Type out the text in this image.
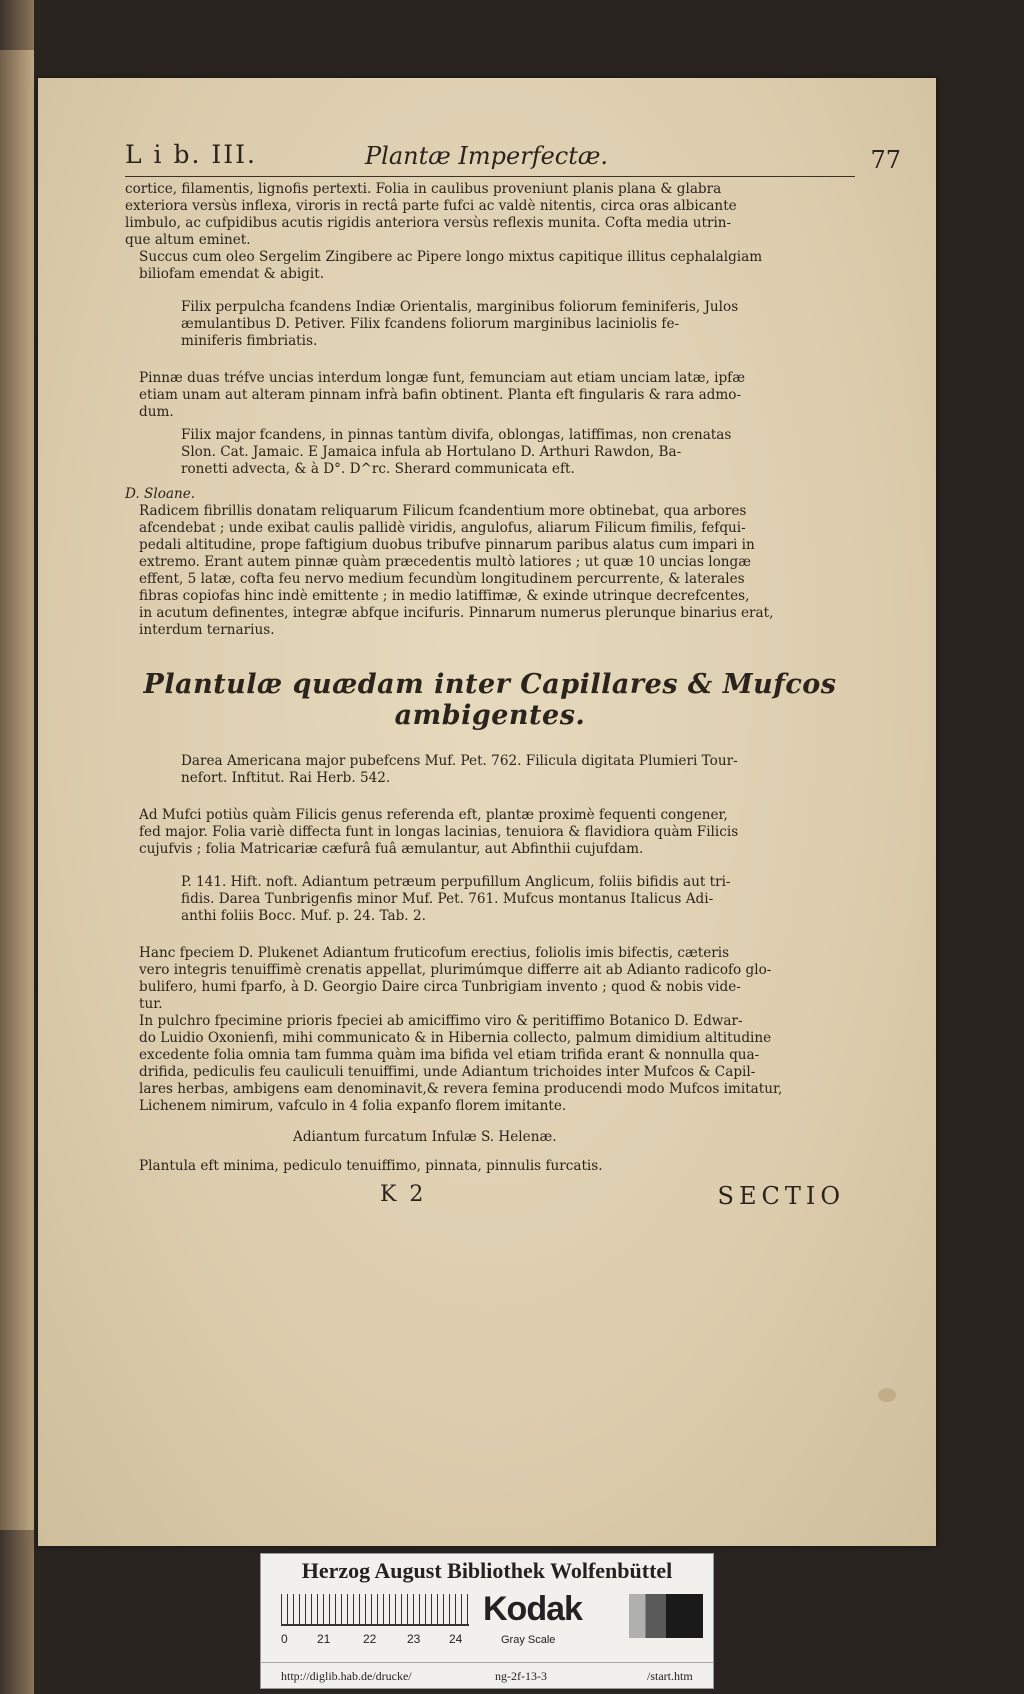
L i b. III.	Plantæ Imperfectæ.	77

cortice, filamentis, lignofis pertexti. Folia in caulibus proveniunt planis plana & glabra
exteriora versùs inflexa, viroris in rectâ parte fufci ac valdè nitentis, circa oras albicante
limbulo, ac cufpidibus acutis rigidis anteriora versùs reflexis munita. Cofta media utrin-
que altum eminet.

Succus cum oleo Sergelim Zingibere ac Pipere longo mixtus capitique illitus cephalalgiam
biliofam emendat & abigit.

Filix perpulcha fcandens Indiæ Orientalis, marginibus foliorum feminiferis, Julos
æmulantibus D. Petiver. Filix fcandens foliorum marginibus laciniolis fe-
miniferis fimbriatis.

Pinnæ duas tréfve uncias interdum longæ funt, femunciam aut etiam unciam latæ, ipfæ
etiam unam aut alteram pinnam infrà bafin obtinent. Planta eft fingularis & rara admo-
dum.

Filix major fcandens, in pinnas tantùm divifa, oblongas, latiffimas, non crenatas
Slon. Cat. Jamaic. E Jamaica infula ab Hortulano D. Arthuri Rawdon, Ba-
ronetti advecta, & à D°. D^rc. Sherard communicata eft.

D. Sloane.

Radicem fibrillis donatam reliquarum Filicum fcandentium more obtinebat, qua arbores
afcendebat ; unde exibat caulis pallidè viridis, angulofus, aliarum Filicum fimilis, fefqui-
pedali altitudine, prope faftigium duobus tribufve pinnarum paribus alatus cum impari in
extremo. Erant autem pinnæ quàm præcedentis multò latiores ; ut quæ 10 uncias longæ
effent, 5 latæ, cofta feu nervo medium fecundùm longitudinem percurrente, & laterales
fibras copiofas hinc indè emittente ; in medio latiffimæ, & exinde utrinque decrefcentes,
in acutum definentes, integræ abfque incifuris. Pinnarum numerus plerunque binarius erat,
interdum ternarius.

Plantulæ quædam inter Capillares & Mufcos ambigentes.

Darea Americana major pubefcens Muf. Pet. 762. Filicula digitata Plumieri Tour-
nefort. Inftitut. Rai Herb. 542.

Ad Mufci potiùs quàm Filicis genus referenda eft, plantæ proximè fequenti congener,
fed major. Folia variè diffecta funt in longas lacinias, tenuiora & flavidiora quàm Filicis
cujufvis ; folia Matricariæ cæfurâ fuâ æmulantur, aut Abfinthii cujufdam.

P. 141. Hift. noft. Adiantum petræum perpufillum Anglicum, foliis bifidis aut tri-
fidis. Darea Tunbrigenfis minor Muf. Pet. 761. Mufcus montanus Italicus Adi-
anthi foliis Bocc. Muf. p. 24. Tab. 2.

Hanc fpeciem D. Plukenet Adiantum fruticofum erectius, foliolis imis bifectis, cæteris
vero integris tenuiffimè crenatis appellat, plurimúmque differre ait ab Adianto radicofo glo-
bulifero, humi fparfo, à D. Georgio Daire circa Tunbrigiam invento ; quod & nobis vide-
tur.

In pulchro fpecimine prioris fpeciei ab amiciffimo viro & peritiffimo Botanico D. Edwar-
do Luidio Oxonienfi, mihi communicato & in Hibernia collecto, palmum dimidium altitudine
excedente folia omnia tam fumma quàm ima bifida vel etiam trifida erant & nonnulla qua-
drifida, pediculis feu cauliculi tenuiffimi, unde Adiantum trichoides inter Mufcos & Capil-
lares herbas, ambigens eam denominavit,& revera femina producendi modo Mufcos imitatur,
Lichenem nimirum, vafculo in 4 folia expanfo florem imitante.

Adiantum furcatum Infulæ S. Helenæ.

Plantula eft minima, pediculo tenuiffimo, pinnata, pinnulis furcatis.

K 2	SECTIO
Herzog August Bibliothek Wolfenbüttel
0 21	22	23 24
Kodak
Gray Scale
http://diglib.hab.de/drucke/	ng-2f-13-3	/start.htm
